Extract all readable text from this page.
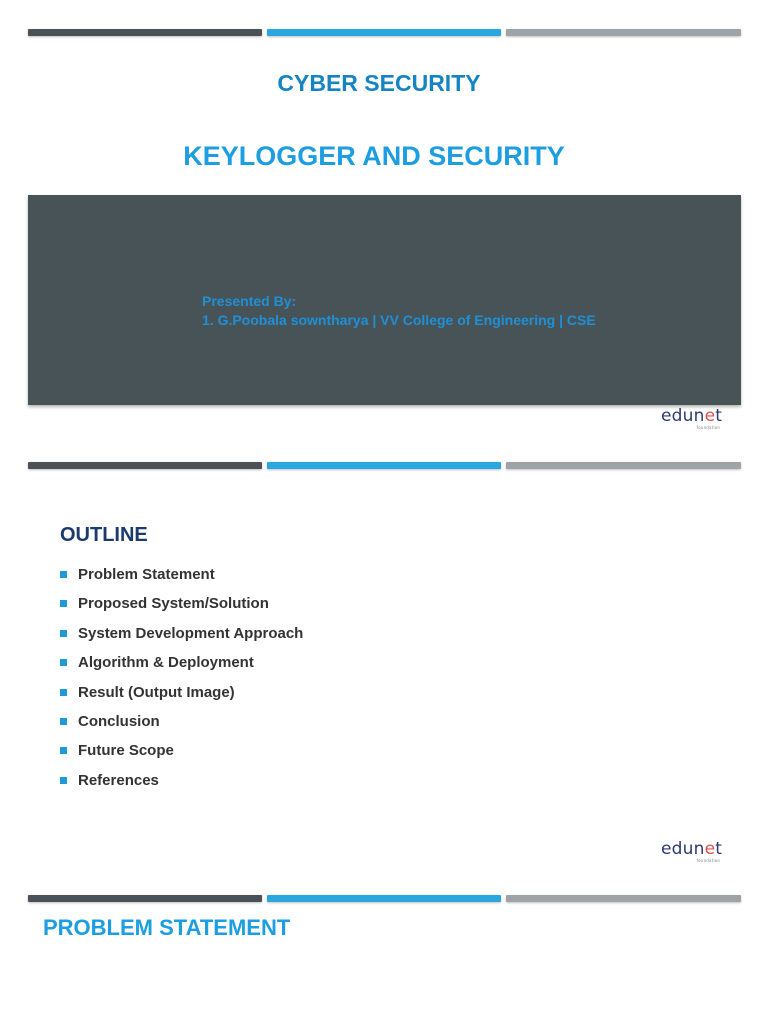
CYBER SECURITY
KEYLOGGER AND SECURITY
Presented By:
1. G.Poobala sowntharya | VV College of Engineering | CSE
edunet
foundation
OUTLINE
Problem Statement
Proposed System/Solution
System Development Approach
Algorithm & Deployment
Result (Output Image)
Conclusion
Future Scope
References
edunet
foundation
PROBLEM STATEMENT
